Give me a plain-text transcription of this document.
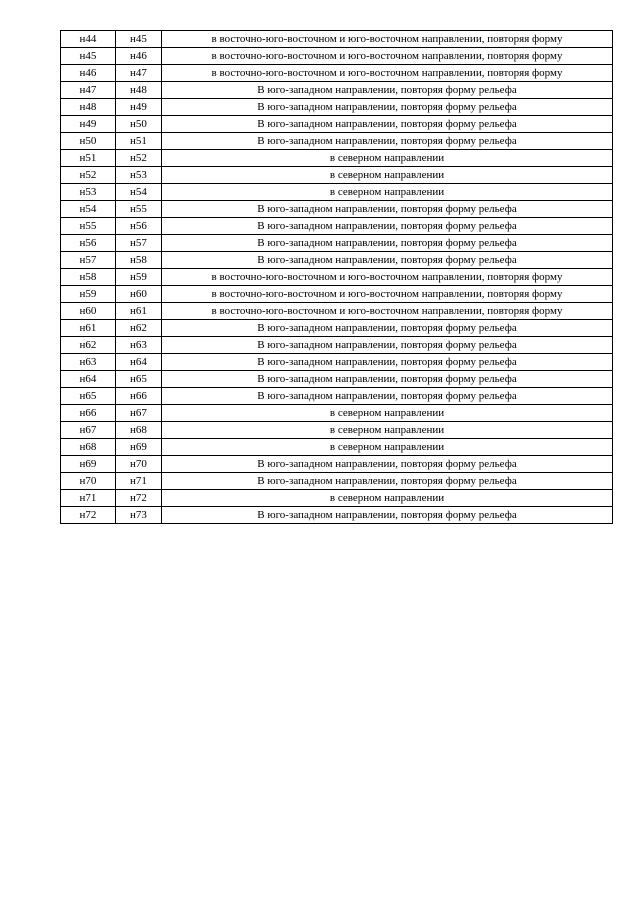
н44	н45	в восточно-юго-восточном и юго-восточном направлении, повторяя форму
н45	н46	в восточно-юго-восточном и юго-восточном направлении, повторяя форму
н46	н47	в восточно-юго-восточном и юго-восточном направлении, повторяя форму
н47	н48	В юго-западном направлении, повторяя форму рельефа
н48	н49	В юго-западном направлении, повторяя форму рельефа
н49	н50	В юго-западном направлении, повторяя форму рельефа
н50	н51	В юго-западном направлении, повторяя форму рельефа
н51	н52	в северном направлении
н52	н53	в северном направлении
н53	н54	в северном направлении
н54	н55	В юго-западном направлении, повторяя форму рельефа
н55	н56	В юго-западном направлении, повторяя форму рельефа
н56	н57	В юго-западном направлении, повторяя форму рельефа
н57	н58	В юго-западном направлении, повторяя форму рельефа
н58	н59	в восточно-юго-восточном и юго-восточном направлении, повторяя форму
н59	н60	в восточно-юго-восточном и юго-восточном направлении, повторяя форму
н60	н61	в восточно-юго-восточном и юго-восточном направлении, повторяя форму
н61	н62	В юго-западном направлении, повторяя форму рельефа
н62	н63	В юго-западном направлении, повторяя форму рельефа
н63	н64	В юго-западном направлении, повторяя форму рельефа
н64	н65	В юго-западном направлении, повторяя форму рельефа
н65	н66	В юго-западном направлении, повторяя форму рельефа
н66	н67	в северном направлении
н67	н68	в северном направлении
н68	н69	в северном направлении
н69	н70	В юго-западном направлении, повторяя форму рельефа
н70	н71	В юго-западном направлении, повторяя форму рельефа
н71	н72	в северном направлении
н72	н73	В юго-западном направлении, повторяя форму рельефа
